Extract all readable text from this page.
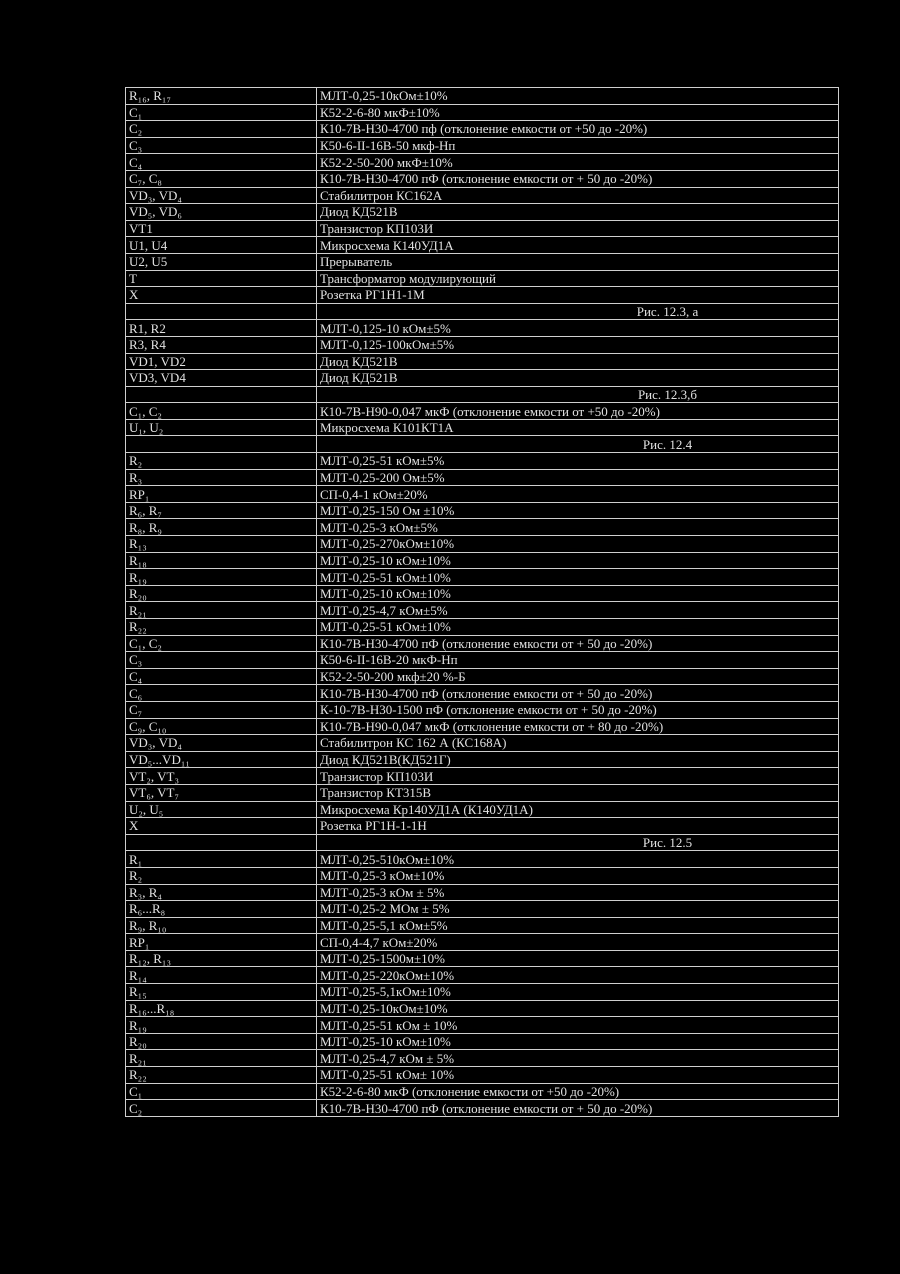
R₁₆, R₁₇	МЛТ-0,25-10кОм±10%
C₁	К52-2-6-80 мкФ±10%
C₂	К10-7В-Н30-4700 пф (отклонение емкости от +50 до -20%)
C₃	К50-6-II-16В-50 мкф-Нп
C₄	К52-2-50-200 мкФ±10%
C₇, C₈	К10-7В-Н30-4700 пФ (отклонение емкости от + 50 до -20%)
VD₃, VD₄	Стабилитрон КС162А
VD₅, VD₆	Диод КД521В
VT1	Транзистор КП103И
U1, U4	Микросхема К140УД1А
U2, U5	Прерыватель
T	Трансформатор модулирующий
X	Розетка РГ1Н1-1М
	Рис. 12.3, а
R1, R2	МЛТ-0,125-10 кОм±5%
R3, R4	МЛТ-0,125-100кОм±5%
VD1, VD2	Диод КД521В
VD3, VD4	Диод КД521В
	Рис. 12.3,б
C₁, C₂	К10-7В-Н90-0,047 мкФ (отклонение емкости от +50 до -20%)
U₁, U₂	Микросхема К101КТ1А
	Рис. 12.4
R₂	МЛТ-0,25-51 кОм±5%
R₃	МЛТ-0,25-200 Ом±5%
RP₁	СП-0,4-1 кОм±20%
R₆, R₇	МЛТ-0,25-150 Ом ±10%
R₈, R₉	МЛТ-0,25-3 кОм±5%
R₁₃	МЛТ-0,25-270кОм±10%
R₁₈	МЛТ-0,25-10 кОм±10%
R₁₉	МЛТ-0,25-51 кОм±10%
R₂₀	МЛТ-0,25-10 кОм±10%
R₂₁	МЛТ-0,25-4,7 кОм±5%
R₂₂	МЛТ-0,25-51 кОм±10%
C₁, C₂	К10-7В-Н30-4700 пФ (отклонение емкости от + 50 до -20%)
C₃	К50-6-II-16В-20 мкФ-Нп
C₄	К52-2-50-200 мкф±20 %-Б
C₆	К10-7В-Н30-4700 пФ (отклонение емкости от + 50 до -20%)
C₇	К-10-7В-Н30-1500 пФ (отклонение емкости от + 50 до -20%)
C₉, C₁₀	К10-7В-Н90-0,047 мкФ (отклонение емкости от + 80 до -20%)
VD₃, VD₄	Стабилитрон КС 162 А (КС168А)
VD₅...VD₁₁	Диод КД521В(КД521Г)
VT₂, VT₃	Транзистор КП103И
VT₆, VT₇	Транзистор КТ315В
U₂, U₅	Микросхема Кр140УД1А (К140УД1А)
X	Розетка РГ1Н-1-1Н
	Рис. 12.5
R₁	МЛТ-0,25-510кОм±10%
R₂	МЛТ-0,25-3 кОм±10%
R₃, R₄	МЛТ-0,25-3 кОм ± 5%
R₆...R₈	МЛТ-0,25-2 МОм ± 5%
R₉, R₁₀	МЛТ-0,25-5,1 кОм±5%
RP₁	СП-0,4-4,7 кОм±20%
R₁₂, R₁₃	МЛТ-0,25-1500м±10%
R₁₄	МЛТ-0,25-220кОм±10%
R₁₅	МЛТ-0,25-5,1кОм±10%
R₁₆...R₁₈	МЛТ-0,25-10кОм±10%
R₁₉	МЛТ-0,25-51 кОм ± 10%
R₂₀	МЛТ-0,25-10 кОм±10%
R₂₁	МЛТ-0,25-4,7 кОм ± 5%
R₂₂	МЛТ-0,25-51 кОм± 10%
C₁	К52-2-6-80 мкФ (отклонение емкости от +50 до -20%)
C₂	К10-7В-Н30-4700 пФ (отклонение емкости от + 50 до -20%)
